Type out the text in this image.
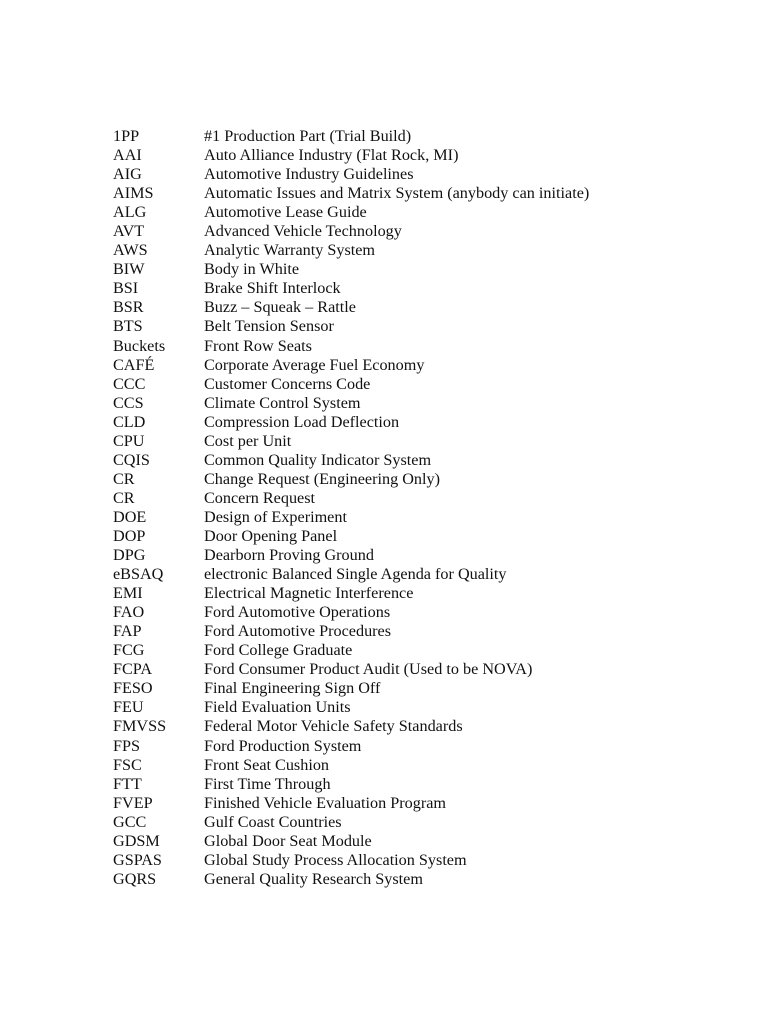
1PP	#1 Production Part (Trial Build)
AAI	Auto Alliance Industry (Flat Rock, MI)
AIG	Automotive Industry Guidelines
AIMS	Automatic Issues and Matrix System (anybody can initiate)
ALG	Automotive Lease Guide
AVT	Advanced Vehicle Technology
AWS	Analytic Warranty System
BIW	Body in White
BSI	Brake Shift Interlock
BSR	Buzz – Squeak – Rattle
BTS	Belt Tension Sensor
Buckets	Front Row Seats
CAFÉ	Corporate Average Fuel Economy
CCC	Customer Concerns Code
CCS	Climate Control System
CLD	Compression Load Deflection
CPU	Cost per Unit
CQIS	Common Quality Indicator System
CR	Change Request (Engineering Only)
CR	Concern Request
DOE	Design of Experiment
DOP	Door Opening Panel
DPG	Dearborn Proving Ground
eBSAQ	electronic Balanced Single Agenda for Quality
EMI	Electrical Magnetic Interference
FAO	Ford Automotive Operations
FAP	Ford Automotive Procedures
FCG	Ford College Graduate
FCPA	Ford Consumer Product Audit (Used to be NOVA)
FESO	Final Engineering Sign Off
FEU	Field Evaluation Units
FMVSS	Federal Motor Vehicle Safety Standards
FPS	Ford Production System
FSC	Front Seat Cushion
FTT	First Time Through
FVEP	Finished Vehicle Evaluation Program
GCC	Gulf Coast Countries
GDSM	Global Door Seat Module
GSPAS	Global Study Process Allocation System
GQRS	General Quality Research System
